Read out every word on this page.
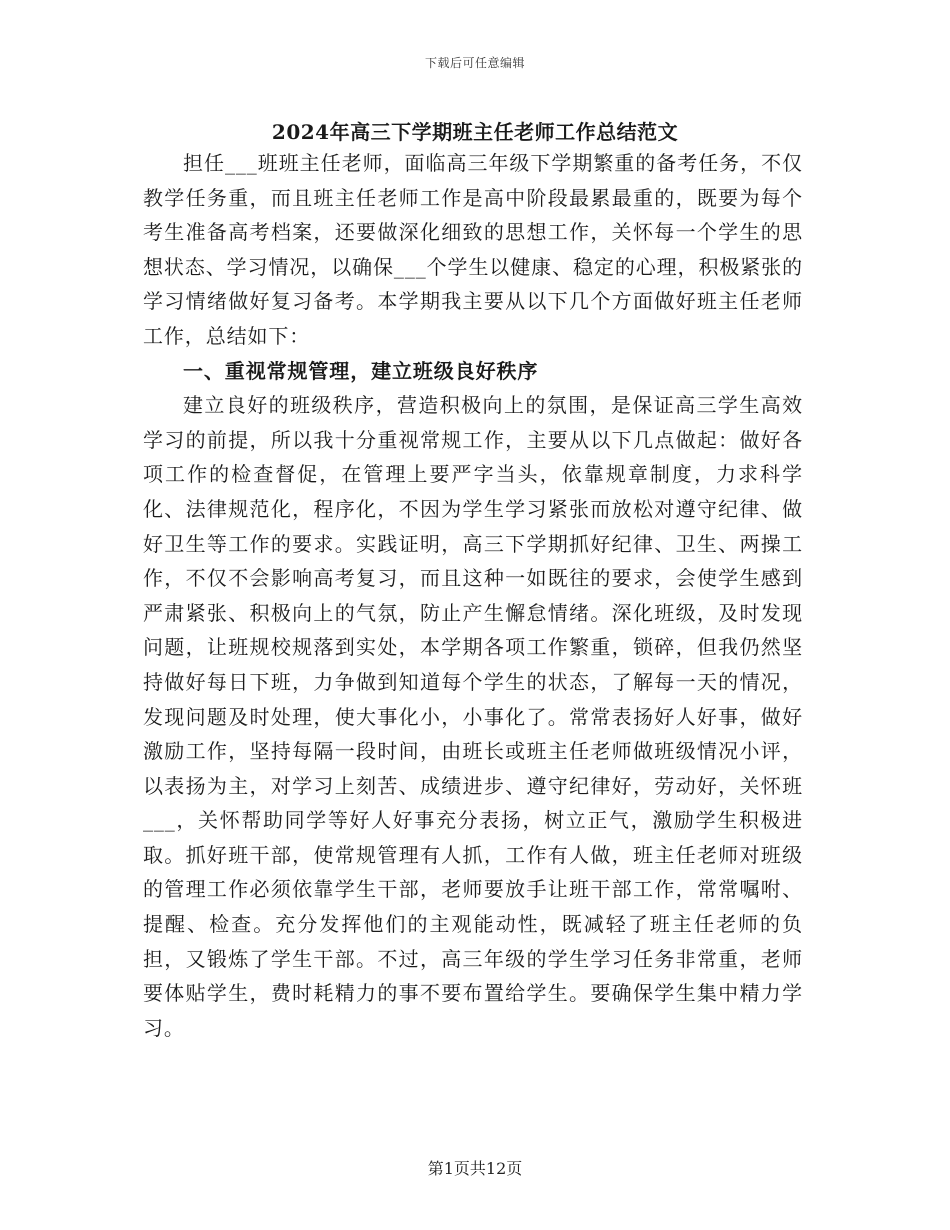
下载后可任意编辑
2024年高三下学期班主任老师工作总结范文

担任___班班主任老师，面临高三年级下学期繁重的备考任务，不仅教学任务重，而且班主任老师工作是高中阶段最累最重的，既要为每个考生准备高考档案，还要做深化细致的思想工作，关怀每一个学生的思想状态、学习情况，以确保___个学生以健康、稳定的心理，积极紧张的学习情绪做好复习备考。本学期我主要从以下几个方面做好班主任老师工作，总结如下：

一、重视常规管理，建立班级良好秩序

建立良好的班级秩序，营造积极向上的氛围，是保证高三学生高效学习的前提，所以我十分重视常规工作，主要从以下几点做起：做好各项工作的检查督促，在管理上要严字当头，依靠规章制度，力求科学化、法律规范化，程序化，不因为学生学习紧张而放松对遵守纪律、做好卫生等工作的要求。实践证明，高三下学期抓好纪律、卫生、两操工作，不仅不会影响高考复习，而且这种一如既往的要求，会使学生感到严肃紧张、积极向上的气氛，防止产生懈怠情绪。深化班级，及时发现问题，让班规校规落到实处，本学期各项工作繁重，锁碎，但我仍然坚持做好每日下班，力争做到知道每个学生的状态，了解每一天的情况，发现问题及时处理，使大事化小，小事化了。常常表扬好人好事，做好激励工作，坚持每隔一段时间，由班长或班主任老师做班级情况小评，以表扬为主，对学习上刻苦、成绩进步、遵守纪律好，劳动好，关怀班___，关怀帮助同学等好人好事充分表扬，树立正气，激励学生积极进取。抓好班干部，使常规管理有人抓，工作有人做，班主任老师对班级的管理工作必须依靠学生干部，老师要放手让班干部工作，常常嘱咐、提醒、检查。充分发挥他们的主观能动性，既减轻了班主任老师的负担，又锻炼了学生干部。不过，高三年级的学生学习任务非常重，老师要体贴学生，费时耗精力的事不要布置给学生。要确保学生集中精力学习。

第1页共12页
